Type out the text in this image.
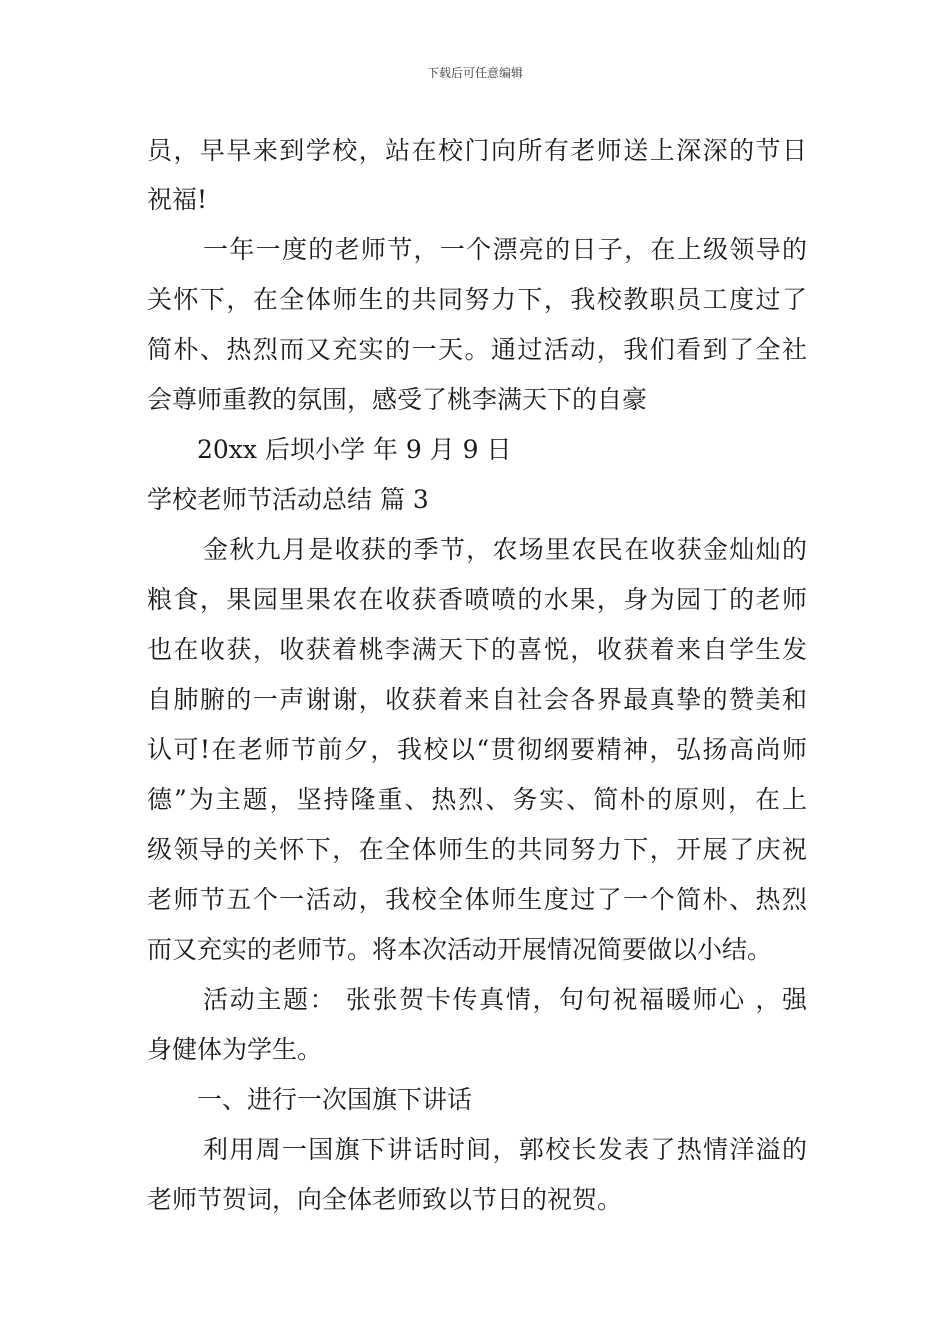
下载后可任意编辑
员，早早来到学校，站在校门向所有老师送上深深的节日
祝福!
一年一度的老师节，一个漂亮的日子，在上级领导的
关怀下，在全体师生的共同努力下，我校教职员工度过了
简朴、热烈而又充实的一天。通过活动，我们看到了全社
会尊师重教的氛围，感受了桃李满天下的自豪
20xx 后坝小学 年 9 月 9 日
学校老师节活动总结 篇 3
金秋九月是收获的季节，农场里农民在收获金灿灿的
粮食，果园里果农在收获香喷喷的水果，身为园丁的老师
也在收获，收获着桃李满天下的喜悦，收获着来自学生发
自肺腑的一声谢谢，收获着来自社会各界最真挚的赞美和
认可!在老师节前夕，我校以“贯彻纲要精神，弘扬高尚师
德”为主题，坚持隆重、热烈、务实、简朴的原则，在上
级领导的关怀下，在全体师生的共同努力下，开展了庆祝
老师节五个一活动，我校全体师生度过了一个简朴、热烈
而又充实的老师节。将本次活动开展情况简要做以小结。
活动主题： 张张贺卡传真情，句句祝福暖师心 ，强
身健体为学生。
一、进行一次国旗下讲话
利用周一国旗下讲话时间，郭校长发表了热情洋溢的
老师节贺词，向全体老师致以节日的祝贺。
